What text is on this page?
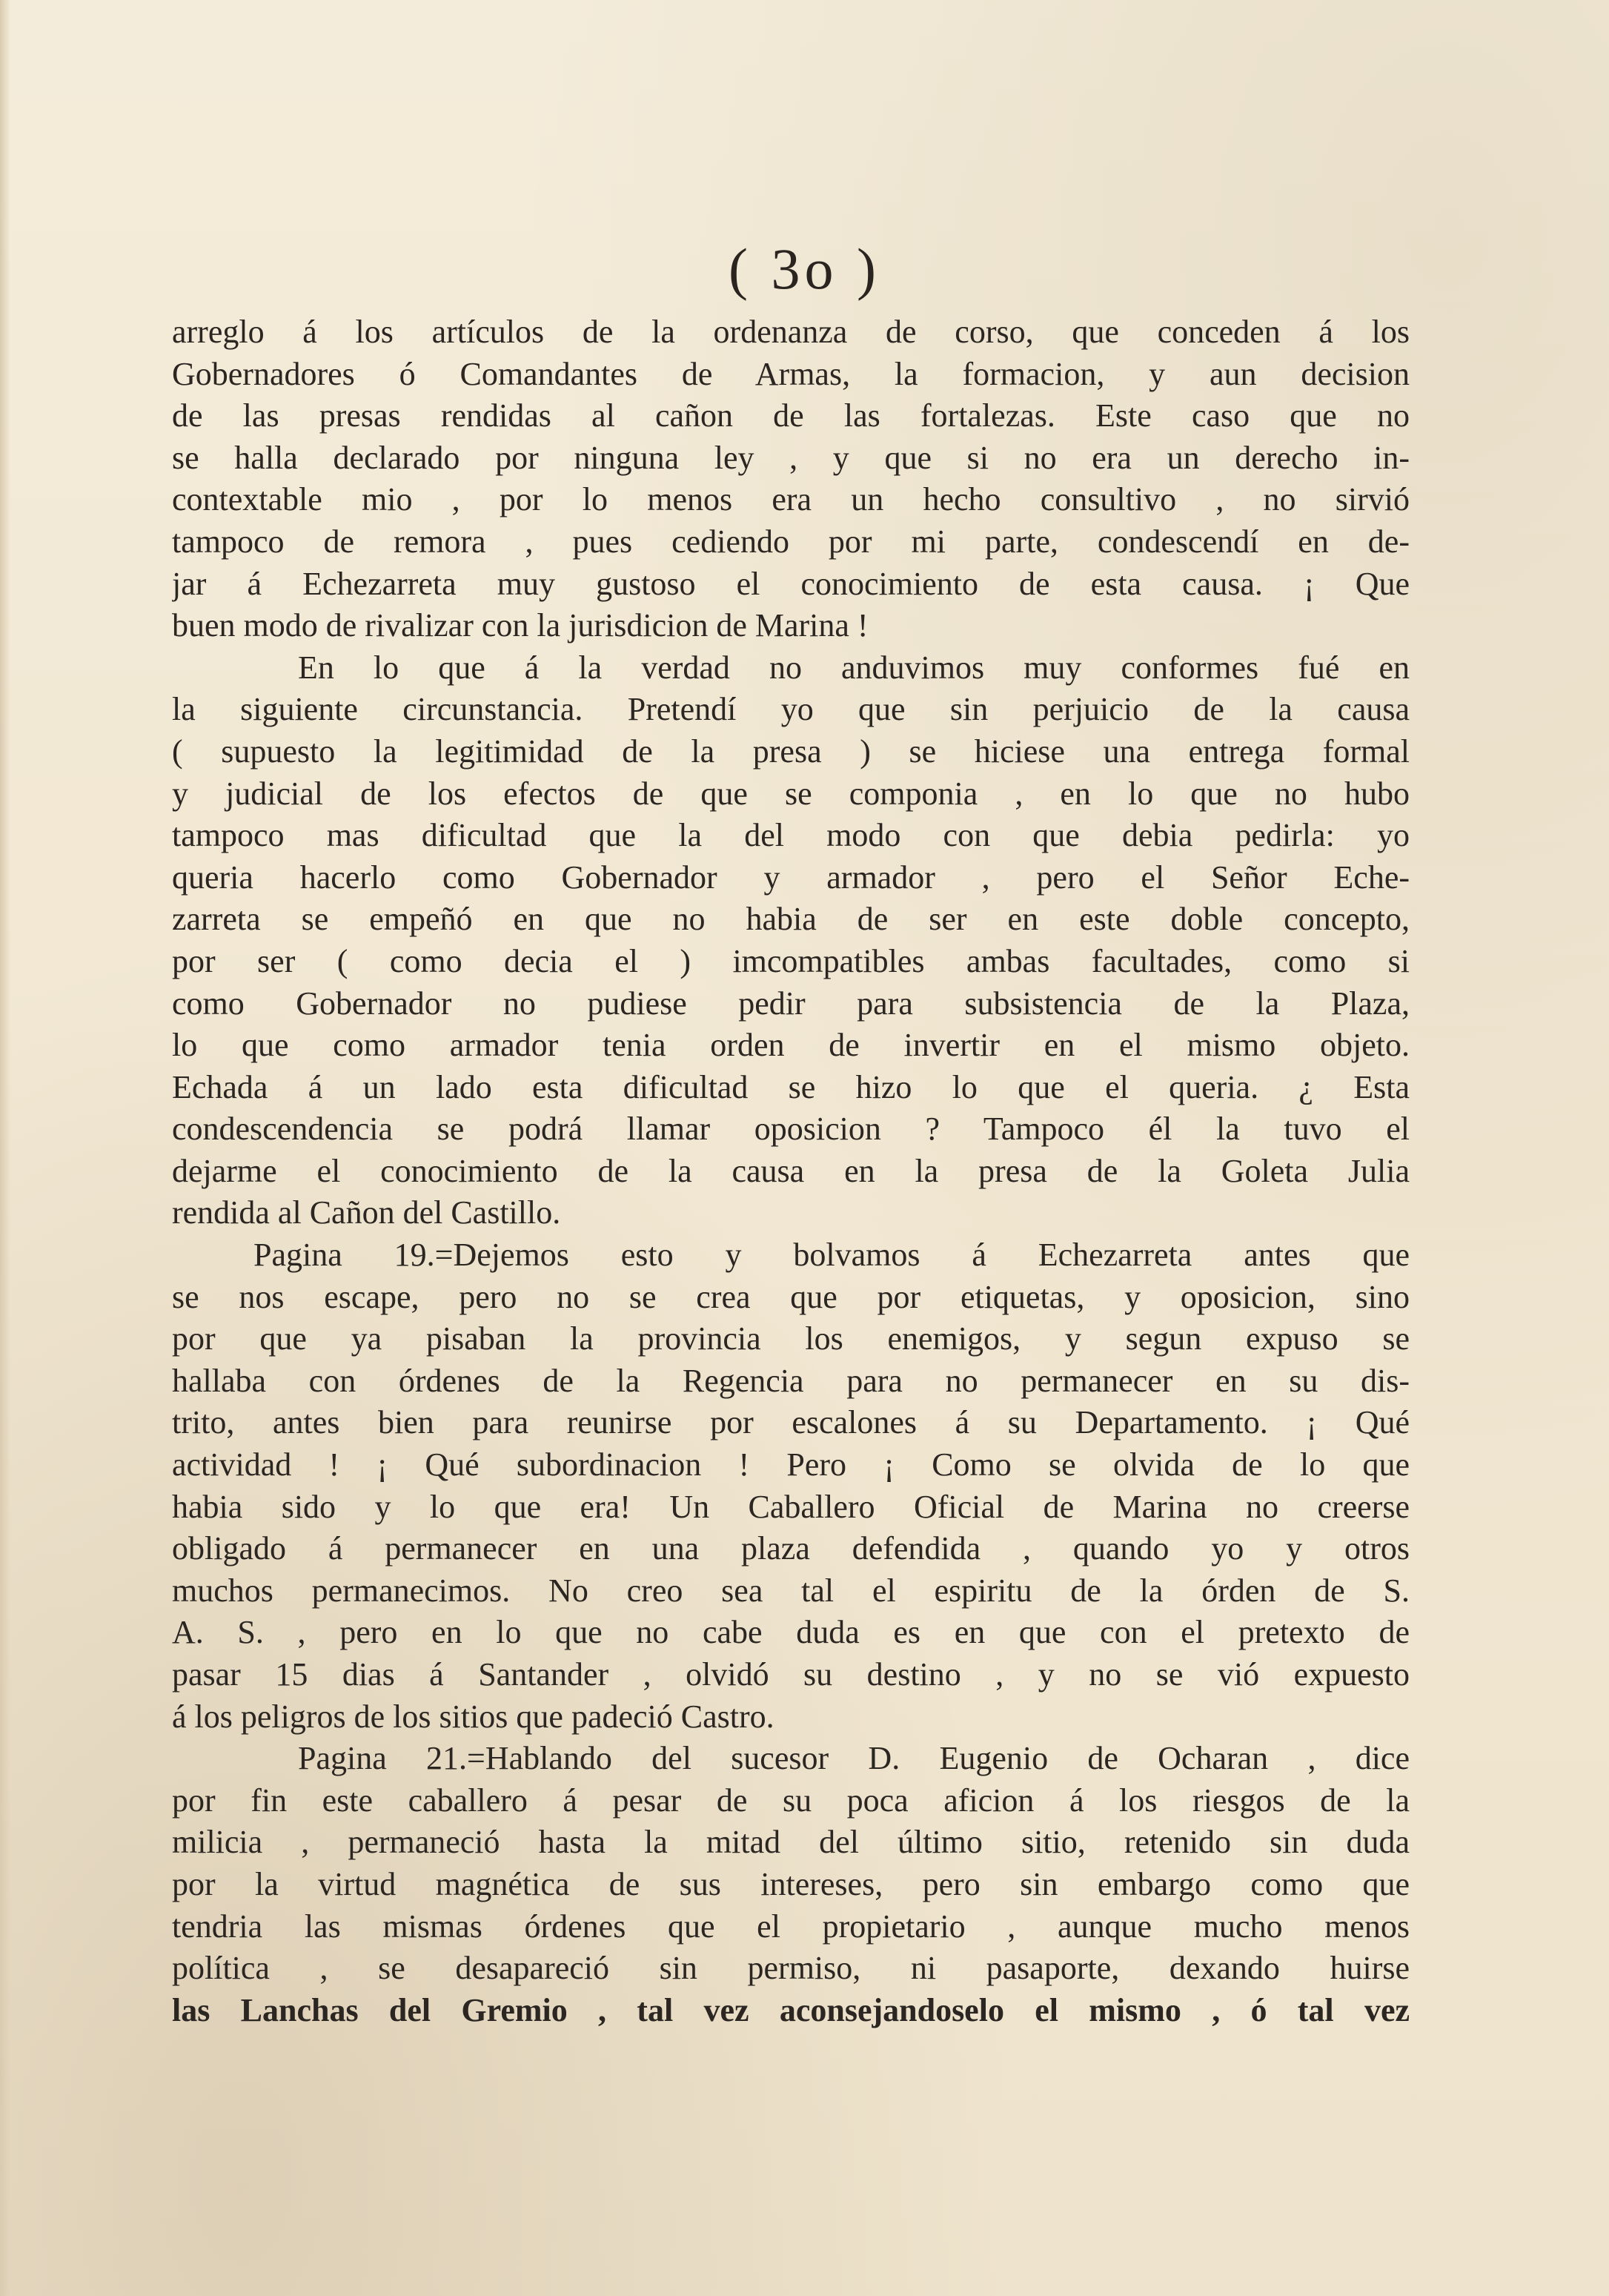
( 3o )
arreglo á los artículos de la ordenanza de corso, que conceden á los
Gobernadores ó Comandantes de Armas, la formacion, y aun decision
de las presas rendidas al cañon de las fortalezas. Este caso que no
se halla declarado por ninguna ley , y que si no era un derecho in-
contextable mio , por lo menos era un hecho consultivo , no sirvió
tampoco de remora , pues cediendo por mi parte, condescendí en de-
jar á Echezarreta muy gustoso el conocimiento de esta causa. ¡ Que
buen modo de rivalizar con la jurisdicion de Marina !
En lo que á la verdad no anduvimos muy conformes fué en
la siguiente circunstancia. Pretendí yo que sin perjuicio de la causa
( supuesto la legitimidad de la presa ) se hiciese una entrega formal
y judicial de los efectos de que se componia , en lo que no hubo
tampoco mas dificultad que la del modo con que debia pedirla: yo
queria hacerlo como Gobernador y armador , pero el Señor Eche-
zarreta se empeñó en que no habia de ser en este doble concepto,
por ser ( como decia el ) imcompatibles ambas facultades, como si
como Gobernador no pudiese pedir para subsistencia de la Plaza,
lo que como armador tenia orden de invertir en el mismo objeto.
Echada á un lado esta dificultad se hizo lo que el queria. ¿ Esta
condescendencia se podrá llamar oposicion ? Tampoco él la tuvo el
dejarme el conocimiento de la causa en la presa de la Goleta Julia
rendida al Cañon del Castillo.
Pagina 19.=Dejemos esto y bolvamos á Echezarreta antes que
se nos escape, pero no se crea que por etiquetas, y oposicion, sino
por que ya pisaban la provincia los enemigos, y segun expuso se
hallaba con órdenes de la Regencia para no permanecer en su dis-
trito, antes bien para reunirse por escalones á su Departamento. ¡ Qué
actividad ! ¡ Qué subordinacion ! Pero ¡ Como se olvida de lo que
habia sido y lo que era! Un Caballero Oficial de Marina no creerse
obligado á permanecer en una plaza defendida , quando yo y otros
muchos permanecimos. No creo sea tal el espiritu de la órden de S.
A. S. , pero en lo que no cabe duda es en que con el pretexto de
pasar 15 dias á Santander , olvidó su destino , y no se vió expuesto
á los peligros de los sitios que padeció Castro.
Pagina 21.=Hablando del sucesor D. Eugenio de Ocharan , dice
por fin este caballero á pesar de su poca aficion á los riesgos de la
milicia , permaneció hasta la mitad del último sitio, retenido sin duda
por la virtud magnética de sus intereses, pero sin embargo como que
tendria las mismas órdenes que el propietario , aunque mucho menos
política , se desapareció sin permiso, ni pasaporte, dexando huirse
las Lanchas del Gremio , tal vez aconsejandoselo el mismo , ó tal vez
